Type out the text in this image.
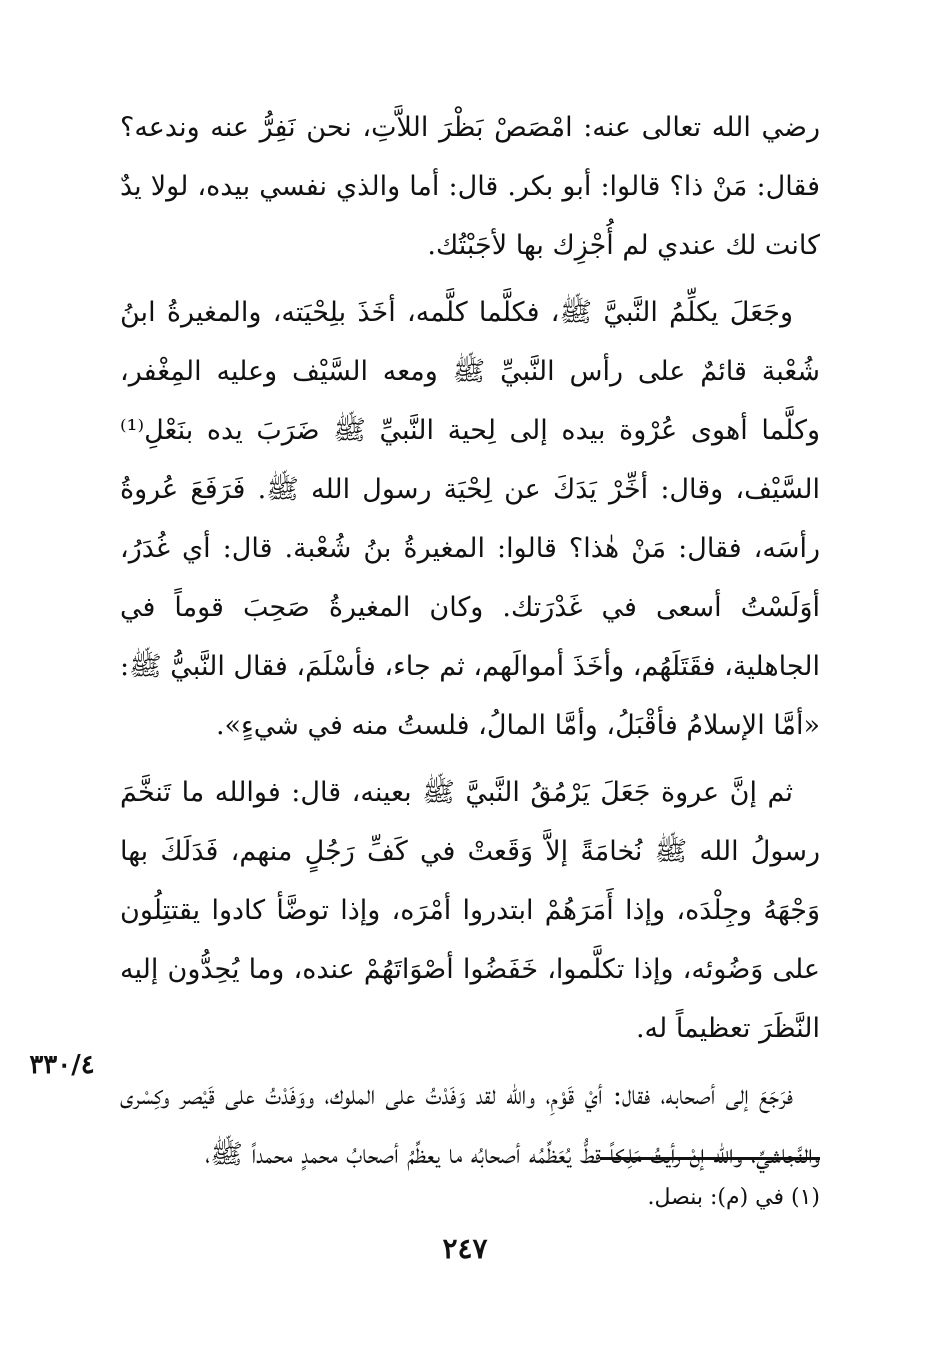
رضي الله تعالى عنه: امْصَصْ بَظْرَ اللاَّتِ، نحن نَفِرُّ عنه وندعه؟ فقال: مَنْ ذا؟ قالوا: أبو بكر. قال: أما والذي نفسي بيده، لولا يدٌ كانت لك عندي لم أُجْزِك بها لأجَبْتُك.

وجَعَلَ يكلِّمُ النَّبيَّ ﷺ، فكلَّما كلَّمه، أخَذَ بلِحْيَته، والمغيرةُ ابنُ شُعْبة قائمٌ على رأس النَّبيِّ ﷺ ومعه السَّيْف وعليه المِغْفر، وكلَّما أهوى عُرْوة بيده إلى لِحية النَّبيِّ ﷺ ضَرَبَ يده بنَعْلِ⁽¹⁾ السَّيْف، وقال: أخِّرْ يَدَكَ عن لِحْيَة رسول الله ﷺ. فَرَفَعَ عُروةُ رأسَه، فقال: مَنْ هٰذا؟ قالوا: المغيرةُ بنُ شُعْبة. قال: أي غُدَرُ، أوَلَسْتُ أسعى في غَدْرَتك. وكان المغيرةُ صَحِبَ قوماً في الجاهلية، فقَتَلَهُم، وأخَذَ أموالَهم، ثم جاء، فأسْلَمَ، فقال النَّبيُّ ﷺ: «أمَّا الإسلامُ فأقْبَلُ، وأمَّا المالُ، فلستُ منه في شيءٍ».

ثم إنَّ عروة جَعَلَ يَرْمُقُ النَّبيَّ ﷺ بعينه، قال: فوالله ما تَنخَّمَ رسولُ الله ﷺ نُخامَةً إلاَّ وَقَعتْ في كَفِّ رَجُلٍ منهم، فَدَلَكَ بها وَجْهَهُ وجِلْدَه، وإذا أَمَرَهُمْ ابتدروا أمْرَه، وإذا توضَّأ كادوا يقتتِلُون على وَضُوئه، وإذا تكلَّموا، خَفَضُوا أصْوَاتَهُمْ عنده، وما يُحِدُّون إليه النَّظَرَ تعظيماً له.

فرَجَعَ إلى أصحابه، فقال: أيْ قَوْمِ، والله لقد وَفَدْتُ على الملوك، ووَفَدْتُ على قَيْصر وكِسْرى والنَّجاشيِّ، والله إنْ رأيتُ مَلِكاً قطُّ يُعَظِّمُه أصحابُه ما يعظِّمُ أصحابُ محمدٍ محمداً ﷺ،

٣٣٠/٤
(١) في (م): بنصل.
٢٤٧
